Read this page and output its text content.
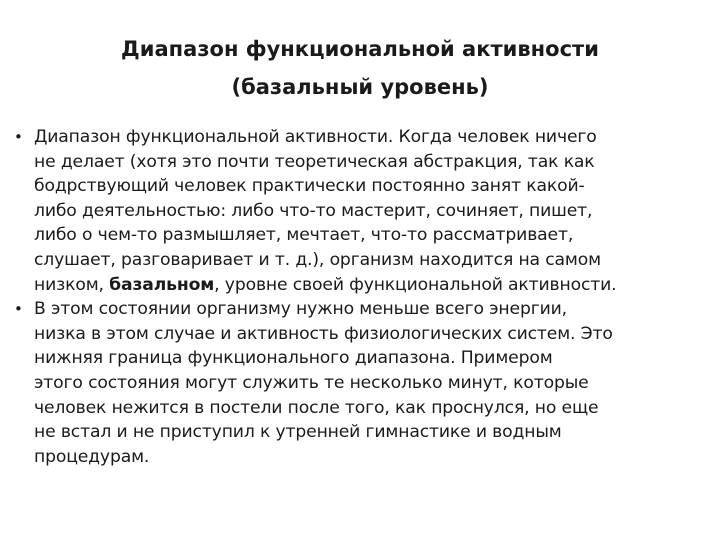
Диапазон функциональной активности
(базальный уровень)
• Диапазон функциональной активности. Когда человек ничего
не делает (хотя это почти теоретическая абстракция, так как
бодрствующий человек практически постоянно занят какой-
либо деятельностью: либо что-то мастерит, сочиняет, пишет,
либо о чем-то размышляет, мечтает, что-то рассматривает,
слушает, разговаривает и т. д.), организм находится на самом
низком, базальном, уровне своей функциональной активности.
• В этом состоянии организму нужно меньше всего энергии,
низка в этом случае и активность физиологических систем. Это
нижняя граница функционального диапазона. Примером
этого состояния могут служить те несколько минут, которые
человек нежится в постели после того, как проснулся, но еще
не встал и не приступил к утренней гимнастике и водным
процедурам.
